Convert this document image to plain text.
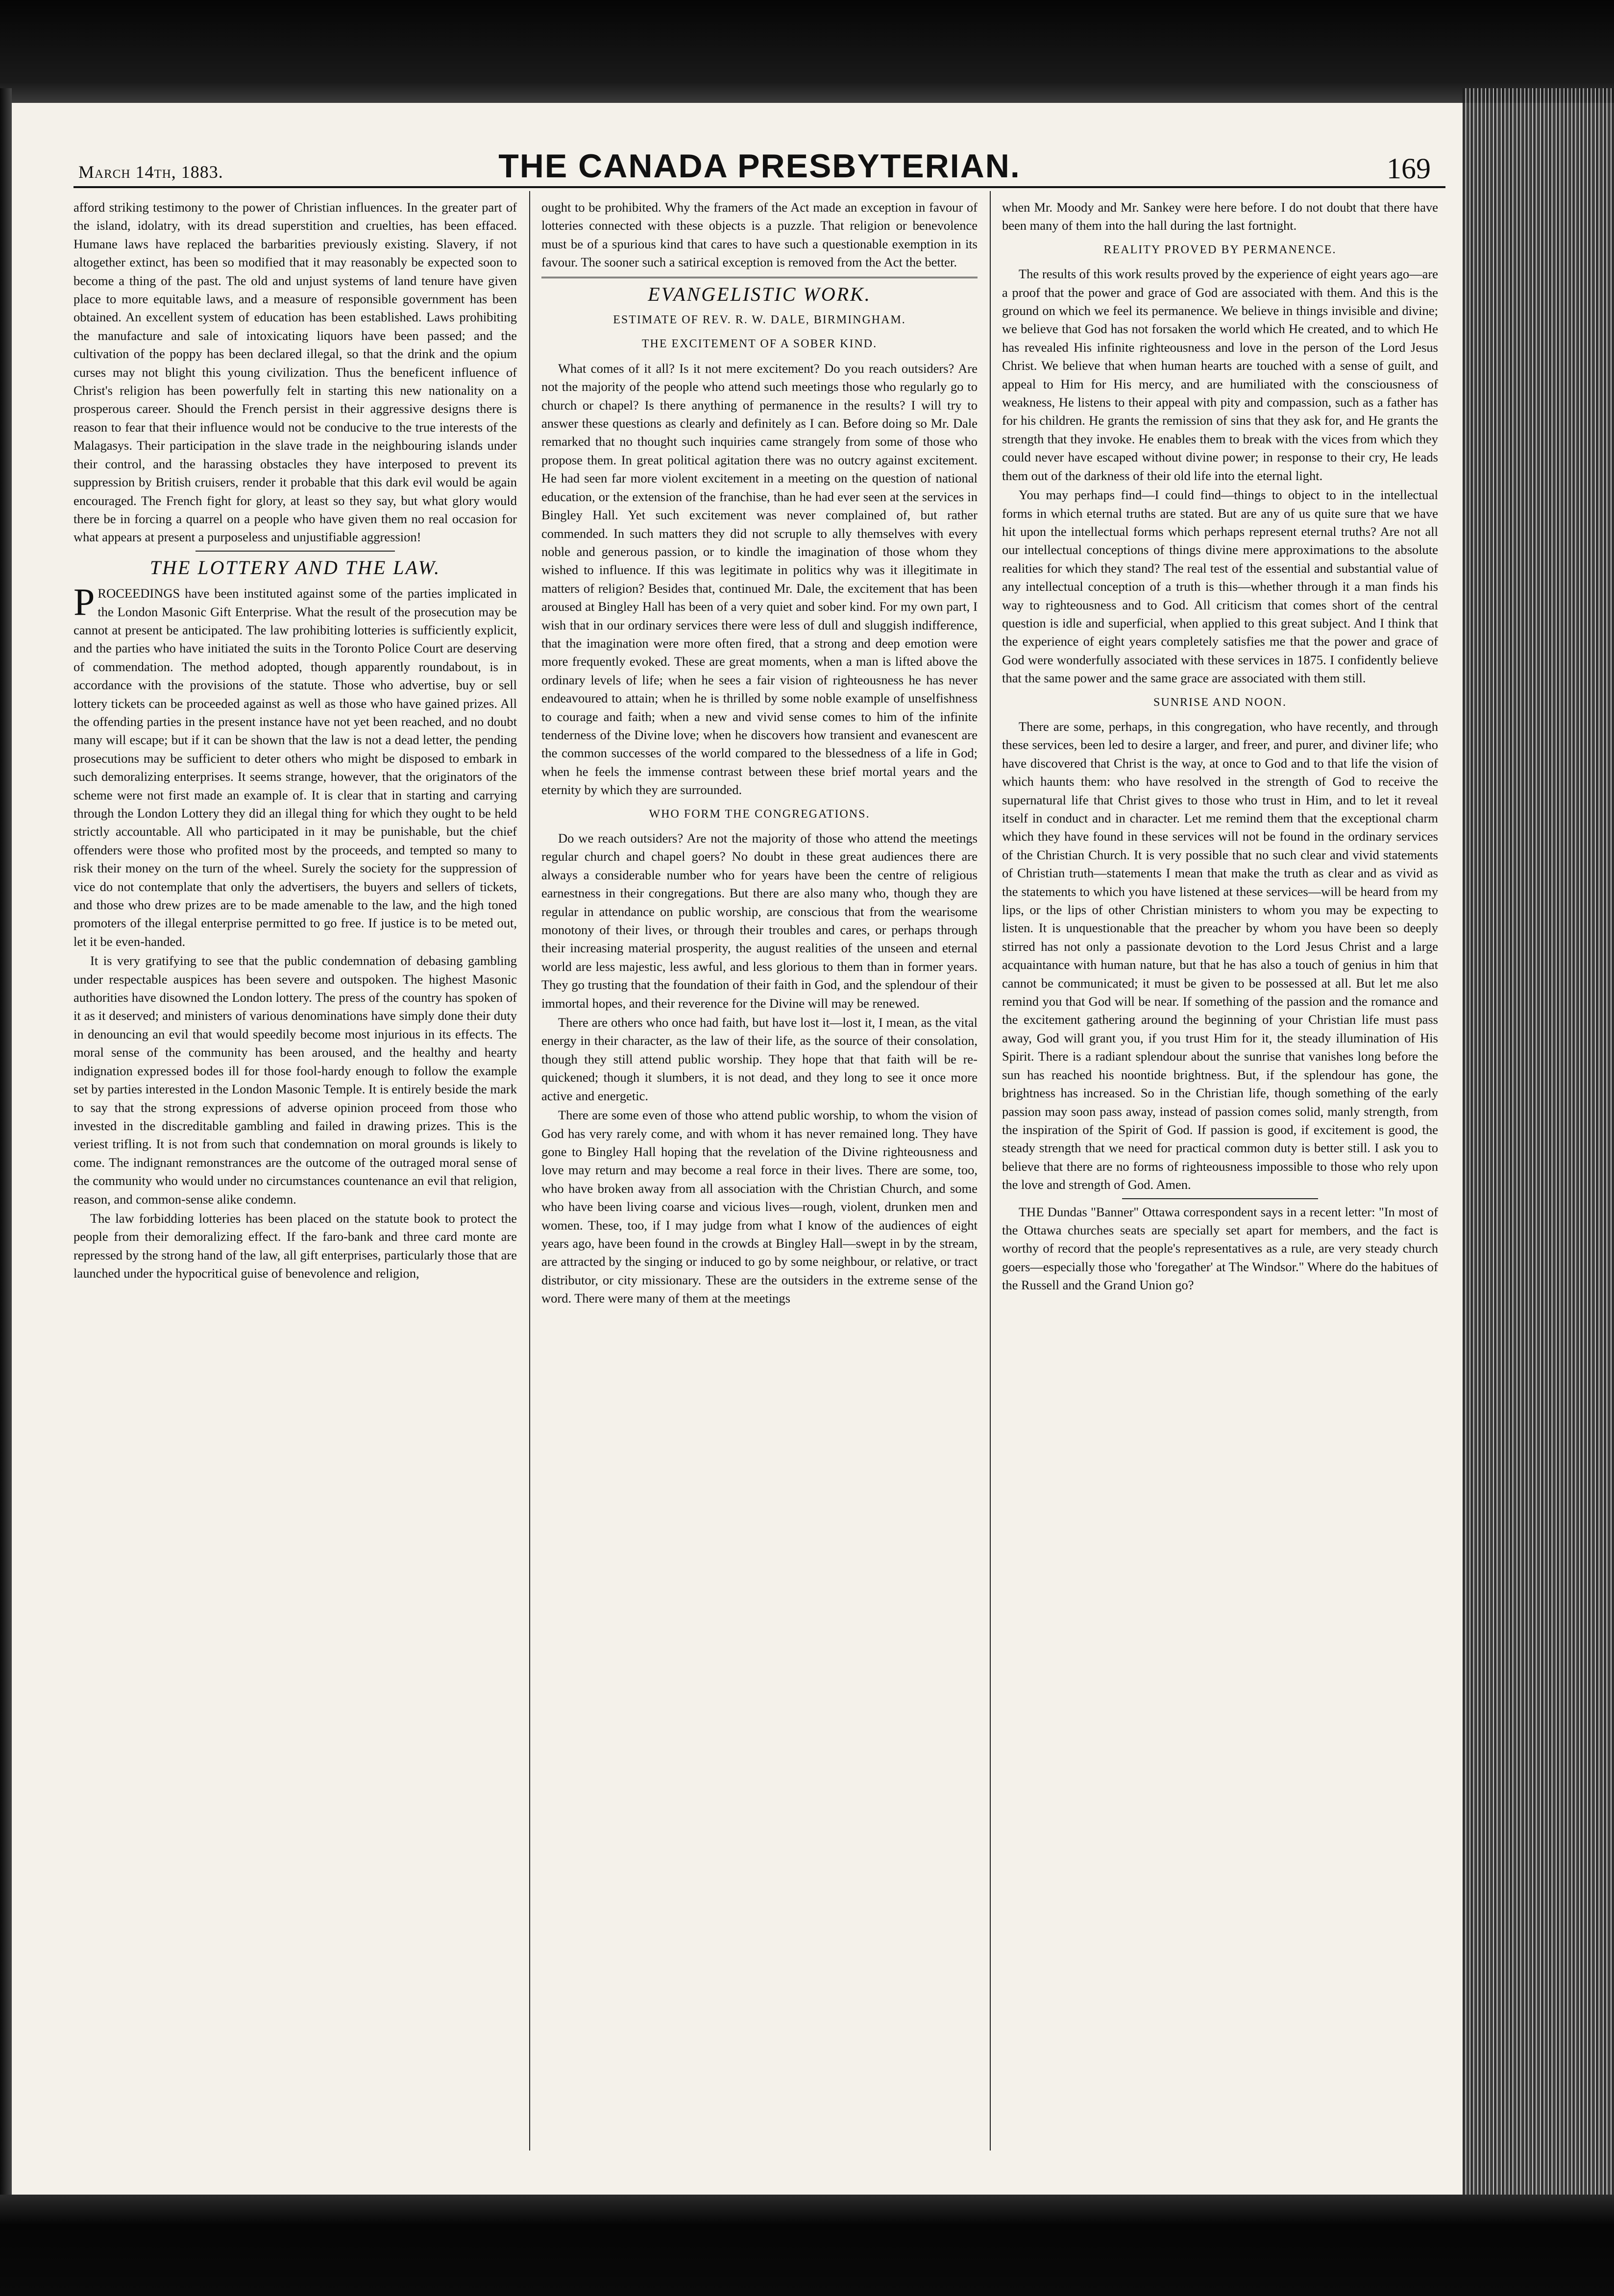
March 14th, 1883.	THE CANADA PRESBYTERIAN.	169

afford striking testimony to the power of Christian influences. In the greater part of the island, idolatry, with its dread superstition and cruelties, has been effaced. Humane laws have replaced the barbarities previously existing. Slavery, if not altogether extinct, has been so modified that it may reasonably be expected soon to become a thing of the past. The old and unjust systems of land tenure have given place to more equitable laws, and a measure of responsible government has been obtained. An excellent system of education has been established. Laws prohibiting the manufacture and sale of intoxicating liquors have been passed; and the cultivation of the poppy has been declared illegal, so that the drink and the opium curses may not blight this young civilization. Thus the beneficent influence of Christ's religion has been powerfully felt in starting this new nationality on a prosperous career. Should the French persist in their aggressive designs there is reason to fear that their influence would not be conducive to the true interests of the Malagasys. Their participation in the slave trade in the neighbouring islands under their control, and the harassing obstacles they have interposed to prevent its suppression by British cruisers, render it probable that this dark evil would be again encouraged. The French fight for glory, at least so they say, but what glory would there be in forcing a quarrel on a people who have given them no real occasion for what appears at present a purposeless and unjustifiable aggression!

THE LOTTERY AND THE LAW.

PROCEEDINGS have been instituted against some of the parties implicated in the London Masonic Gift Enterprise. What the result of the prosecution may be cannot at present be anticipated. The law prohibiting lotteries is sufficiently explicit, and the parties who have initiated the suits in the Toronto Police Court are deserving of commendation. The method adopted, though apparently roundabout, is in accordance with the provisions of the statute. Those who advertise, buy or sell lottery tickets can be proceeded against as well as those who have gained prizes. All the offending parties in the present instance have not yet been reached, and no doubt many will escape; but if it can be shown that the law is not a dead letter, the pending prosecutions may be sufficient to deter others who might be disposed to embark in such demoralizing enterprises. It seems strange, however, that the originators of the scheme were not first made an example of. It is clear that in starting and carrying through the London Lottery they did an illegal thing for which they ought to be held strictly accountable. All who participated in it may be punishable, but the chief offenders were those who profited most by the proceeds, and tempted so many to risk their money on the turn of the wheel. Surely the society for the suppression of vice do not contemplate that only the advertisers, the buyers and sellers of tickets, and those who drew prizes are to be made amenable to the law, and the high toned promoters of the illegal enterprise permitted to go free. If justice is to be meted out, let it be even-handed.

It is very gratifying to see that the public condemnation of debasing gambling under respectable auspices has been severe and outspoken. The highest Masonic authorities have disowned the London lottery. The press of the country has spoken of it as it deserved; and ministers of various denominations have simply done their duty in denouncing an evil that would speedily become most injurious in its effects. The moral sense of the community has been aroused, and the healthy and hearty indignation expressed bodes ill for those fool-hardy enough to follow the example set by parties interested in the London Masonic Temple. It is entirely beside the mark to say that the strong expressions of adverse opinion proceed from those who invested in the discreditable gambling and failed in drawing prizes. This is the veriest trifling. It is not from such that condemnation on moral grounds is likely to come. The indignant remonstrances are the outcome of the outraged moral sense of the community who would under no circumstances countenance an evil that religion, reason, and common-sense alike condemn.

The law forbidding lotteries has been placed on the statute book to protect the people from their demoralizing effect. If the faro-bank and three card monte are repressed by the strong hand of the law, all gift enterprises, particularly those that are launched under the hypocritical guise of benevolence and religion,

ought to be prohibited. Why the framers of the Act made an exception in favour of lotteries connected with these objects is a puzzle. That religion or benevolence must be of a spurious kind that cares to have such a questionable exemption in its favour. The sooner such a satirical exception is removed from the Act the better.

EVANGELISTIC WORK.
ESTIMATE OF REV. R. W. DALE, BIRMINGHAM.
THE EXCITEMENT OF A SOBER KIND.

What comes of it all? Is it not mere excitement? Do you reach outsiders? Are not the majority of the people who attend such meetings those who regularly go to church or chapel? Is there anything of permanence in the results? I will try to answer these questions as clearly and definitely as I can. Before doing so Mr. Dale remarked that no thought such inquiries came strangely from some of those who propose them. In great political agitation there was no outcry against excitement. He had seen far more violent excitement in a meeting on the question of national education, or the extension of the franchise, than he had ever seen at the services in Bingley Hall. Yet such excitement was never complained of, but rather commended. In such matters they did not scruple to ally themselves with every noble and generous passion, or to kindle the imagination of those whom they wished to influence. If this was legitimate in politics why was it illegitimate in matters of religion? Besides that, continued Mr. Dale, the excitement that has been aroused at Bingley Hall has been of a very quiet and sober kind. For my own part, I wish that in our ordinary services there were less of dull and sluggish indifference, that the imagination were more often fired, that a strong and deep emotion were more frequently evoked. These are great moments, when a man is lifted above the ordinary levels of life; when he sees a fair vision of righteousness he has never endeavoured to attain; when he is thrilled by some noble example of unselfishness to courage and faith; when a new and vivid sense comes to him of the infinite tenderness of the Divine love; when he discovers how transient and evanescent are the common successes of the world compared to the blessedness of a life in God; when he feels the immense contrast between these brief mortal years and the eternity by which they are surrounded.

WHO FORM THE CONGREGATIONS.

Do we reach outsiders? Are not the majority of those who attend the meetings regular church and chapel goers? No doubt in these great audiences there are always a considerable number who for years have been the centre of religious earnestness in their congregations. But there are also many who, though they are regular in attendance on public worship, are conscious that from the wearisome monotony of their lives, or through their troubles and cares, or perhaps through their increasing material prosperity, the august realities of the unseen and eternal world are less majestic, less awful, and less glorious to them than in former years. They go trusting that the foundation of their faith in God, and the splendour of their immortal hopes, and their reverence for the Divine will may be renewed.

There are others who once had faith, but have lost it—lost it, I mean, as the vital energy in their character, as the law of their life, as the source of their consolation, though they still attend public worship. They hope that that faith will be re-quickened; though it slumbers, it is not dead, and they long to see it once more active and energetic.

There are some even of those who attend public worship, to whom the vision of God has very rarely come, and with whom it has never remained long. They have gone to Bingley Hall hoping that the revelation of the Divine righteousness and love may return and may become a real force in their lives. There are some, too, who have broken away from all association with the Christian Church, and some who have been living coarse and vicious lives—rough, violent, drunken men and women. These, too, if I may judge from what I know of the audiences of eight years ago, have been found in the crowds at Bingley Hall—swept in by the stream, are attracted by the singing or induced to go by some neighbour, or relative, or tract distributor, or city missionary. These are the outsiders in the extreme sense of the word. There were many of them at the meetings

when Mr. Moody and Mr. Sankey were here before. I do not doubt that there have been many of them into the hall during the last fortnight.

REALITY PROVED BY PERMANENCE.

The results of this work results proved by the experience of eight years ago—are a proof that the power and grace of God are associated with them. And this is the ground on which we feel its permanence. We believe in things invisible and divine; we believe that God has not forsaken the world which He created, and to which He has revealed His infinite righteousness and love in the person of the Lord Jesus Christ. We believe that when human hearts are touched with a sense of guilt, and appeal to Him for His mercy, and are humiliated with the consciousness of weakness, He listens to their appeal with pity and compassion, such as a father has for his children. He grants the remission of sins that they ask for, and He grants the strength that they invoke. He enables them to break with the vices from which they could never have escaped without divine power; in response to their cry, He leads them out of the darkness of their old life into the eternal light.

You may perhaps find—I could find—things to object to in the intellectual forms in which eternal truths are stated. But are any of us quite sure that we have hit upon the intellectual forms which perhaps represent eternal truths? Are not all our intellectual conceptions of things divine mere approximations to the absolute realities for which they stand? The real test of the essential and substantial value of any intellectual conception of a truth is this—whether through it a man finds his way to righteousness and to God. All criticism that comes short of the central question is idle and superficial, when applied to this great subject. And I think that the experience of eight years completely satisfies me that the power and grace of God were wonderfully associated with these services in 1875. I confidently believe that the same power and the same grace are associated with them still.

SUNRISE AND NOON.

There are some, perhaps, in this congregation, who have recently, and through these services, been led to desire a larger, and freer, and purer, and diviner life; who have discovered that Christ is the way, at once to God and to that life the vision of which haunts them: who have resolved in the strength of God to receive the supernatural life that Christ gives to those who trust in Him, and to let it reveal itself in conduct and in character. Let me remind them that the exceptional charm which they have found in these services will not be found in the ordinary services of the Christian Church. It is very possible that no such clear and vivid statements of Christian truth—statements I mean that make the truth as clear and as vivid as the statements to which you have listened at these services—will be heard from my lips, or the lips of other Christian ministers to whom you may be expecting to listen. It is unquestionable that the preacher by whom you have been so deeply stirred has not only a passionate devotion to the Lord Jesus Christ and a large acquaintance with human nature, but that he has also a touch of genius in him that cannot be communicated; it must be given to be possessed at all. But let me also remind you that God will be near. If something of the passion and the romance and the excitement gathering around the beginning of your Christian life must pass away, God will grant you, if you trust Him for it, the steady illumination of His Spirit. There is a radiant splendour about the sunrise that vanishes long before the sun has reached his noontide brightness. But, if the splendour has gone, the brightness has increased. So in the Christian life, though something of the early passion may soon pass away, instead of passion comes solid, manly strength, from the inspiration of the Spirit of God. If passion is good, if excitement is good, the steady strength that we need for practical common duty is better still. I ask you to believe that there are no forms of righteousness impossible to those who rely upon the love and strength of God. Amen.

THE Dundas "Banner" Ottawa correspondent says in a recent letter: "In most of the Ottawa churches seats are specially set apart for members, and the fact is worthy of record that the people's representatives as a rule, are very steady church goers—especially those who 'foregather' at The Windsor." Where do the habitues of the Russell and the Grand Union go?
